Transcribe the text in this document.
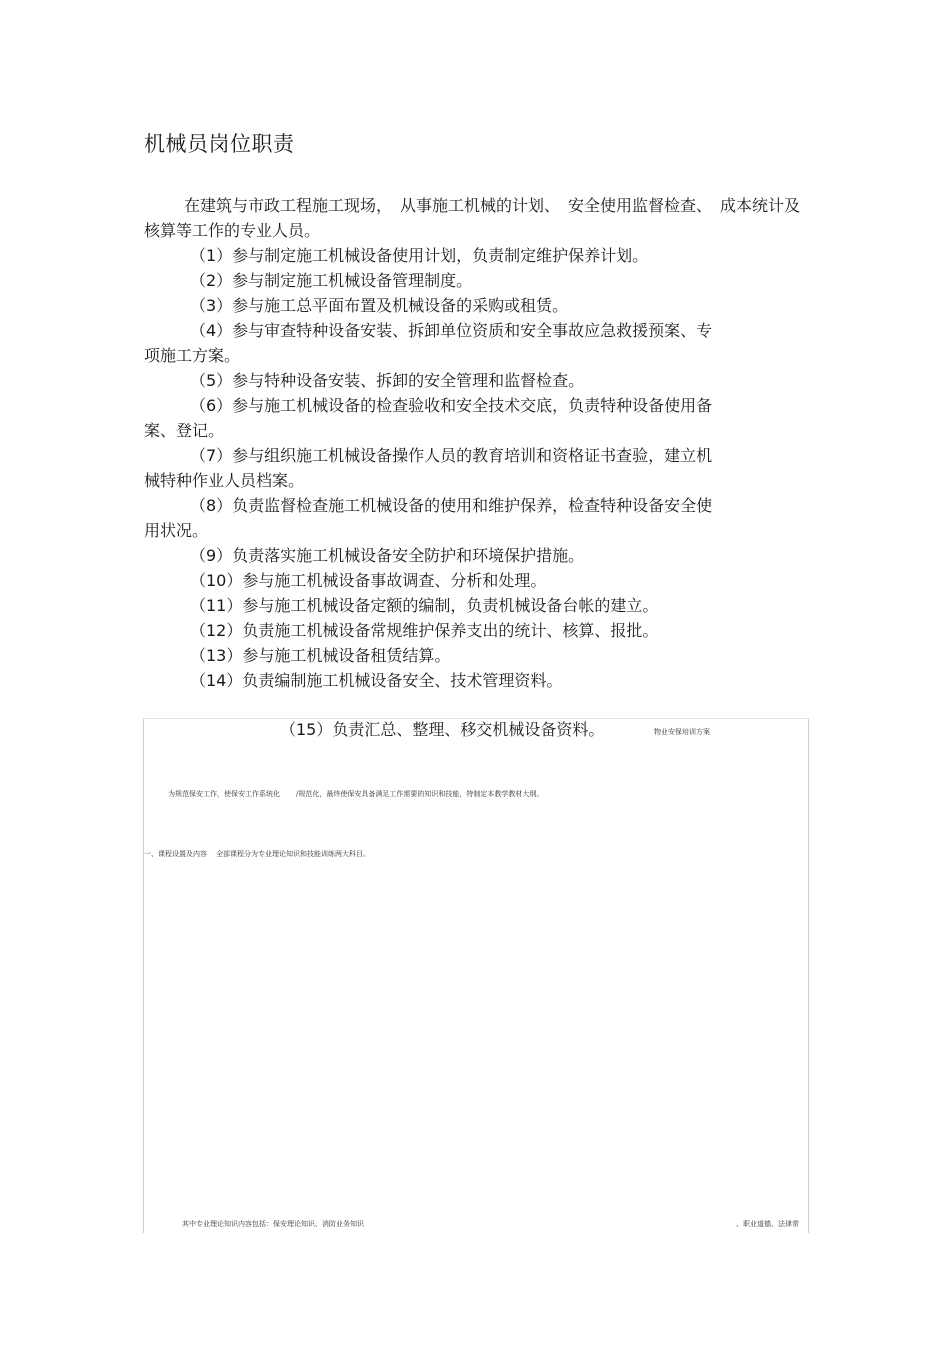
机械员岗位职责

在建筑与市政工程施工现场，　从事施工机械的计划、　安全使用监督检查、　成本统计及核算等工作的专业人员。

（1）参与制定施工机械设备使用计划，负责制定维护保养计划。
（2）参与制定施工机械设备管理制度。
（3）参与施工总平面布置及机械设备的采购或租赁。
（4）参与审查特种设备安装、拆卸单位资质和安全事故应急救援预案、专
项施工方案。
（5）参与特种设备安装、拆卸的安全管理和监督检查。
（6）参与施工机械设备的检查验收和安全技术交底，负责特种设备使用备
案、登记。
（7）参与组织施工机械设备操作人员的教育培训和资格证书查验，建立机
械特种作业人员档案。
（8）负责监督检查施工机械设备的使用和维护保养，检查特种设备安全使
用状况。
（9）负责落实施工机械设备安全防护和环境保护措施。
（10）参与施工机械设备事故调查、分析和处理。
（11）参与施工机械设备定额的编制，负责机械设备台帐的建立。
（12）负责施工机械设备常规维护保养支出的统计、核算、报批。
（13）参与施工机械设备租赁结算。
（14）负责编制施工机械设备安全、技术管理资料。
（15）负责汇总、整理、移交机械设备资料。	物业安保培训方案
为规范保安工作，使保安工作系统化 /规范化，最终使保安具备满足工作需要的知识和技能，特制定本教学教材大纲。
一、课程设置及内容 全部课程分为专业理论知识和技能训练两大科目。
其中专业理论知识内容包括：保安理论知识、消防业务知识	、职业道德、法律常
